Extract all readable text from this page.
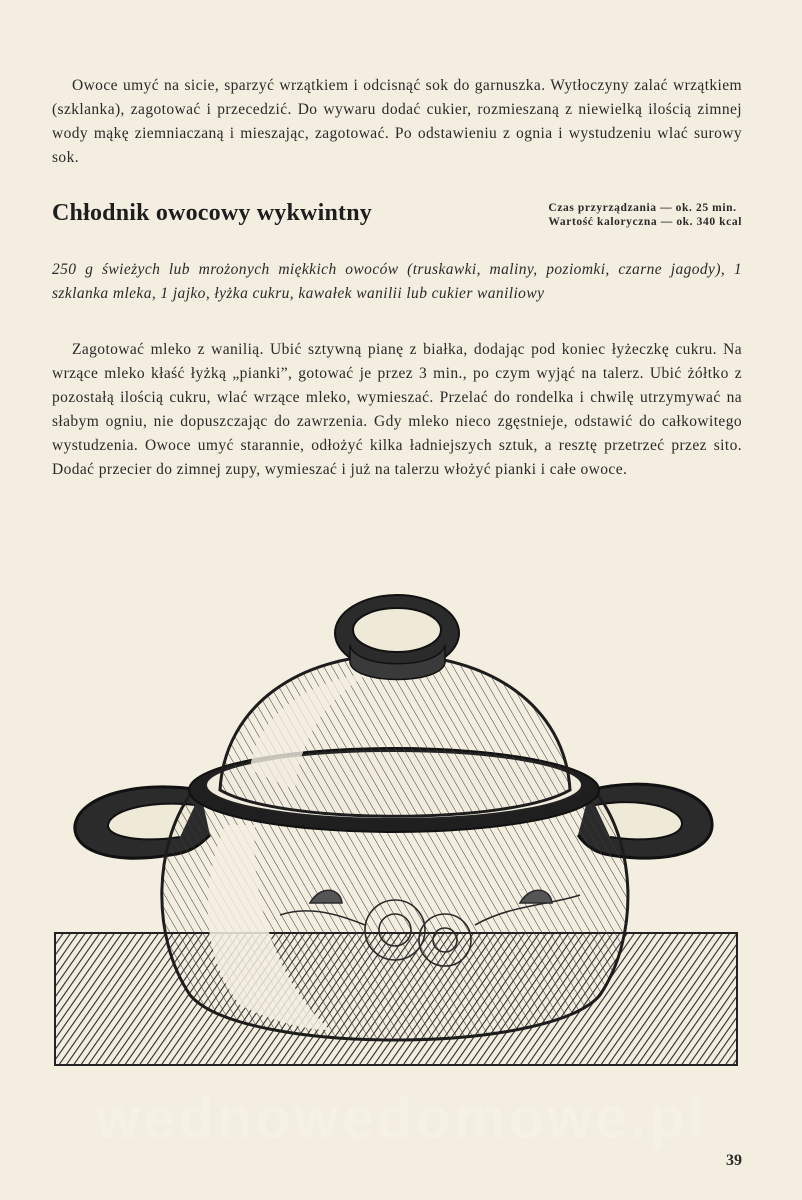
Owoce umyć na sicie, sparzyć wrzątkiem i odcisnąć sok do garnuszka. Wytłoczyny zalać wrzątkiem (szklanka), zagotować i przecedzić. Do wywaru dodać cukier, rozmieszaną z niewielką ilością zimnej wody mąkę ziemniaczaną i mieszając, zagotować. Po odstawieniu z ognia i wystudzeniu wlać surowy sok.

Chłodnik owocowy wykwintny	Czas przyrządzania — ok. 25 min.
Wartość kaloryczna — ok. 340 kcal

250 g świeżych lub mrożonych miękkich owoców (truskawki, maliny, poziomki, czarne jagody), 1 szklanka mleka, 1 jajko, łyżka cukru, kawałek wanilii lub cukier waniliowy

Zagotować mleko z wanilią. Ubić sztywną pianę z białka, dodając pod koniec łyżeczkę cukru. Na wrzące mleko kłaść łyżką „pianki”, gotować je przez 3 min., po czym wyjąć na talerz. Ubić żółtko z pozostałą ilością cukru, wlać wrzące mleko, wymieszać. Przelać do rondelka i chwilę utrzymywać na słabym ogniu, nie dopuszczając do zawrzenia. Gdy mleko nieco zgęstnieje, odstawić do całkowitego wystudzenia. Owoce umyć starannie, odłożyć kilka ładniejszych sztuk, a resztę przetrzeć przez sito. Dodać przecier do zimnej zupy, wymieszać i już na talerzu włożyć pianki i całe owoce.

wednowedomowe.pl
39
